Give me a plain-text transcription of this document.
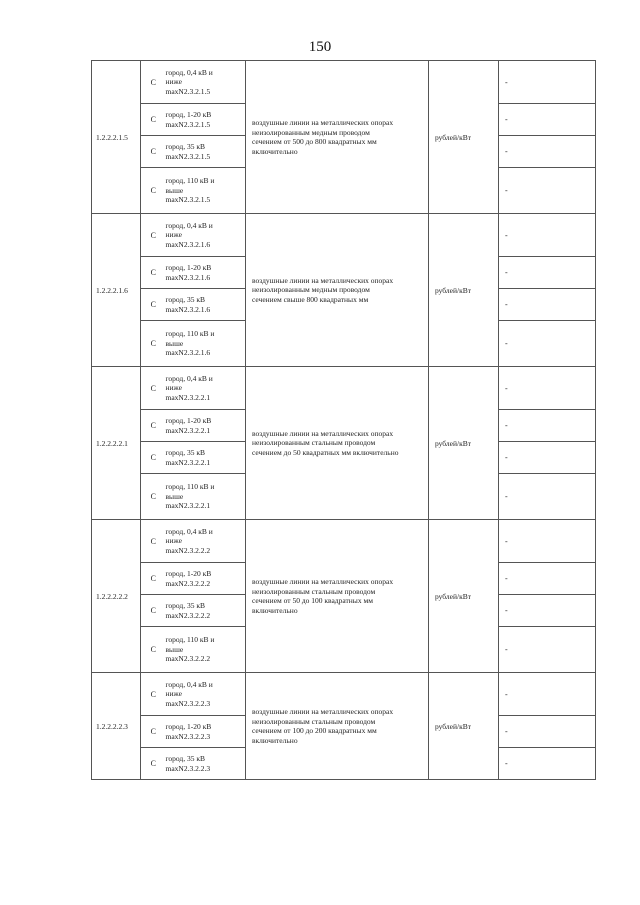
150
1.2.2.2.1.5	С	город, 0,4 кВ и
ниже
maxN2.3.2.1.5	воздушные линии на металлических опорах
неизолированным медным проводом
сечением от 500 до 800 квадратных мм
включительно	рублей/кВт	-	
	С	город, 1-20 кВ
maxN2.3.2.1.5			-	
	С	город, 35 кВ
maxN2.3.2.1.5			-	
	С	город, 110 кВ и
выше
maxN2.3.2.1.5			-	
1.2.2.2.1.6	С	город, 0,4 кВ и
ниже
maxN2.3.2.1.6	воздушные линии на металлических опорах
неизолированным медным проводом
сечением свыше 800 квадратных мм	рублей/кВт	-	
	С	город, 1-20 кВ
maxN2.3.2.1.6			-	
	С	город, 35 кВ
maxN2.3.2.1.6			-	
	С	город, 110 кВ и
выше
maxN2.3.2.1.6			-	
1.2.2.2.2.1	С	город, 0,4 кВ и
ниже
maxN2.3.2.2.1	воздушные линии на металлических опорах
неизолированным стальным проводом
сечением до 50 квадратных мм включительно	рублей/кВт	-	
	С	город, 1-20 кВ
maxN2.3.2.2.1			-	
	С	город, 35 кВ
maxN2.3.2.2.1			-	
	С	город, 110 кВ и
выше
maxN2.3.2.2.1			-	
1.2.2.2.2.2	С	город, 0,4 кВ и
ниже
maxN2.3.2.2.2	воздушные линии на металлических опорах
неизолированным стальным проводом
сечением от 50 до 100 квадратных мм
включительно	рублей/кВт	-	
	С	город, 1-20 кВ
maxN2.3.2.2.2			-	
	С	город, 35 кВ
maxN2.3.2.2.2			-	
	С	город, 110 кВ и
выше
maxN2.3.2.2.2			-	
1.2.2.2.2.3	С	город, 0,4 кВ и
ниже
maxN2.3.2.2.3	воздушные линии на металлических опорах
неизолированным стальным проводом
сечением от 100 до 200 квадратных мм
включительно	рублей/кВт	-	
	С	город, 1-20 кВ
maxN2.3.2.2.3			-	
	С	город, 35 кВ
maxN2.3.2.2.3			-	
